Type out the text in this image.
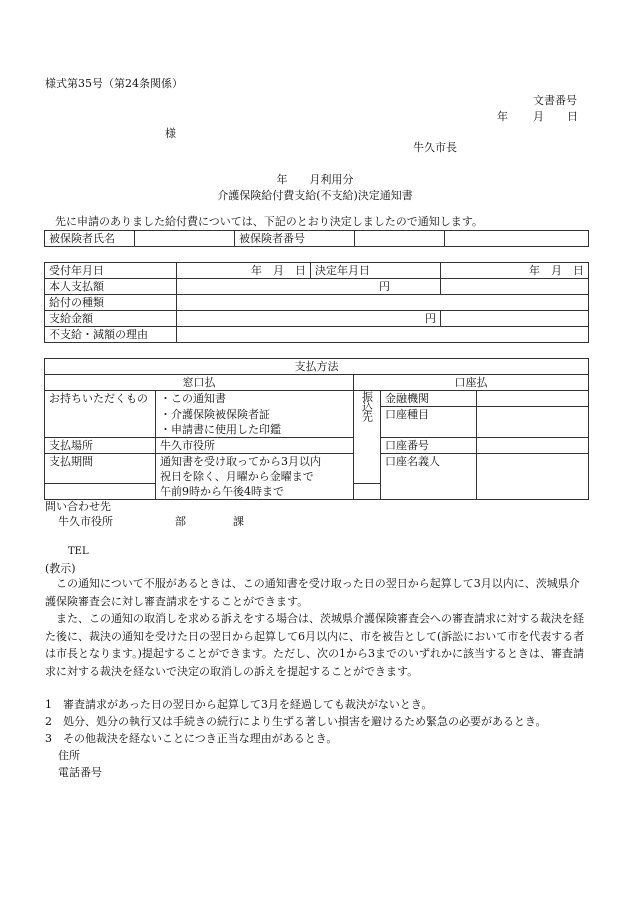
様式第35号（第24条関係）
文書番号
年 月 日
様
牛久市長
年　　月利用分
介護保険給付費支給(不支給)決定通知書
先に申請のありました給付費については、下記のとおり決定しましたので通知します。
被保険者氏名		被保険者番号		
受付年月日	年　月　日	決定年月日	年　月　日
本人支払額	円		
給付の種類			
支給金額	円		
不支給・減額の理由			
支払方法				
窓口払		口座払		
お持ちいただくもの	・この通知書	振込先	金融機関	
	・介護保険被保険者証		口座種目	
	・申請書に使用した印鑑			
支払場所	牛久市役所		口座番号	
支払期間	通知書を受け取ってから3月以内		口座名義人	
	祝日を除く、月曜から金曜まで			
	午前9時から午後4時まで			
問い合わせ先
牛久市役所	部	課
TEL
(教示)
この通知について不服があるときは、この通知書を受け取った日の翌日から起算して3月以内に、茨城県介護保険審査会に対し審査請求をすることができます。
また、この通知の取消しを求める訴えをする場合は、茨城県介護保険審査会への審査請求に対する裁決を経た後に、裁決の通知を受けた日の翌日から起算して6月以内に、市を被告として(訴訟において市を代表する者は市長となります。)提起することができます。ただし、次の1から3までのいずれかに該当するときは、審査請求に対する裁決を経ないで決定の取消しの訴えを提起することができます。
1　審査請求があった日の翌日から起算して3月を経過しても裁決がないとき。
2　処分、処分の執行又は手続きの続行により生ずる著しい損害を避けるため緊急の必要があるとき。
3　その他裁決を経ないことにつき正当な理由があるとき。
住所
電話番号
